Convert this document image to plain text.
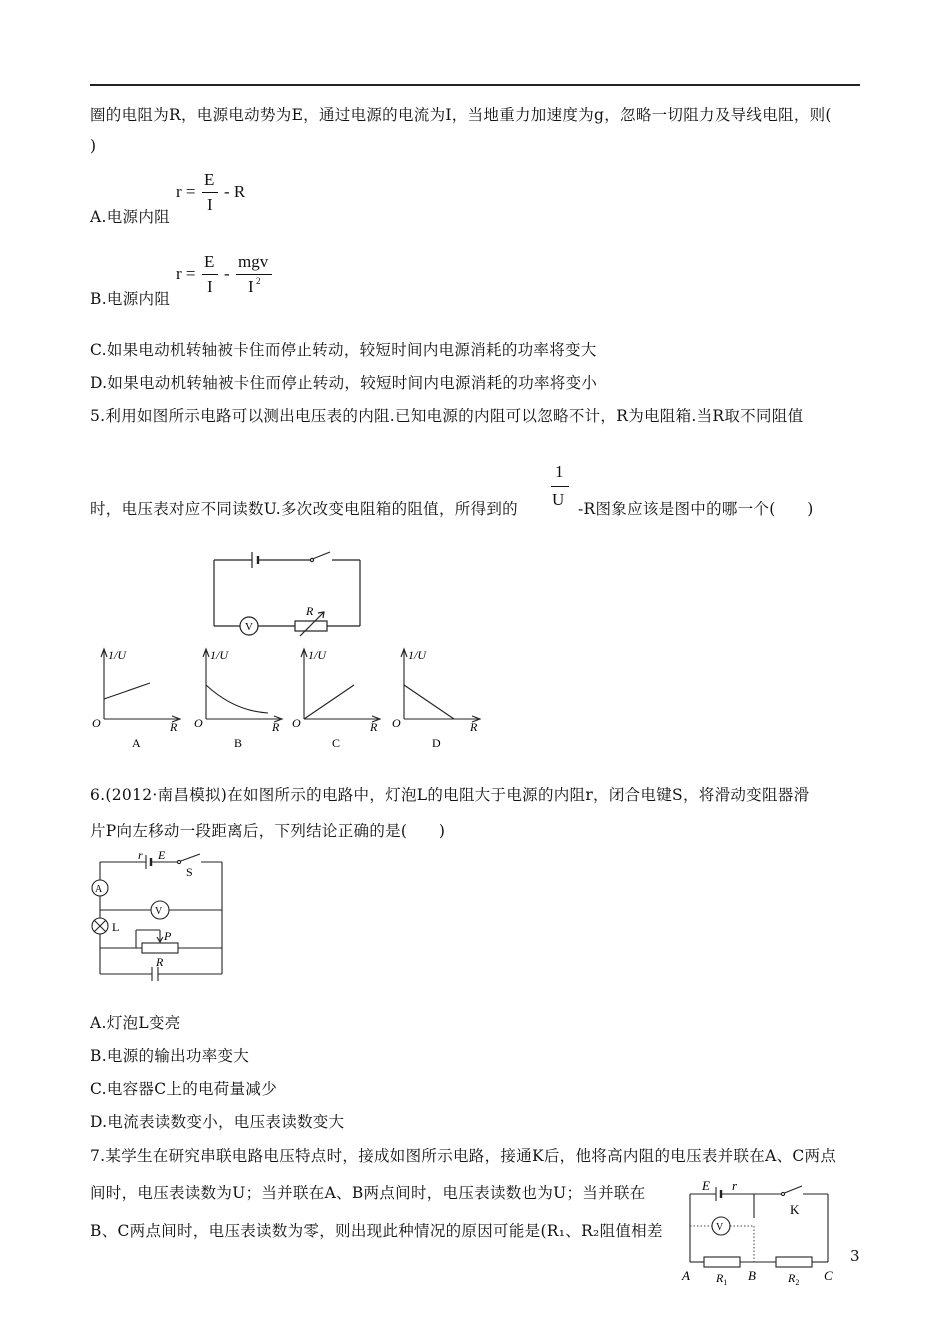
圈的电阻为R，电源电动势为E，通过电源的电流为I，当地重力加速度为g，忽略一切阻力及导线电阻，则(
)
A.电源内阻
r =
E
I
- R
B.电源内阻
r =
E
I
-
mgv
I 2
C.如果电动机转轴被卡住而停止转动，较短时间内电源消耗的功率将变大
D.如果电动机转轴被卡住而停止转动，较短时间内电源消耗的功率将变小
5.利用如图所示电路可以测出电压表的内阻.已知电源的内阻可以忽略不计，R为电阻箱.当R取不同阻值
时，电压表对应不同读数U.多次改变电阻箱的阻值，所得到的
1
U -R图象应该是图中的哪一个(　　)
V
R
1/U
O	R
A
1/U
O	R
B
1/U
O	R
C
1/U
O	R
D
6.(2012·南昌模拟)在如图所示的电路中，灯泡L的电阻大于电源的内阻r，闭合电键S，将滑动变阻器滑
片P向左移动一段距离后，下列结论正确的是(　　)
r E
S
A
V
L
P
R
A.灯泡L变亮
B.电源的输出功率变大
C.电容器C上的电荷量减少
D.电流表读数变小，电压表读数变大
7.某学生在研究串联电路电压特点时，接成如图所示电路，接通K后，他将高内阻的电压表并联在A、C两点
间时，电压表读数为U；当并联在A、B两点间时，电压表读数也为U；当并联在
B、C两点间时，电压表读数为零，则出现此种情况的原因可能是(R₁、R₂阻值相差
E r
K
V
A	B	C
$R_1$	$R_2$
3
